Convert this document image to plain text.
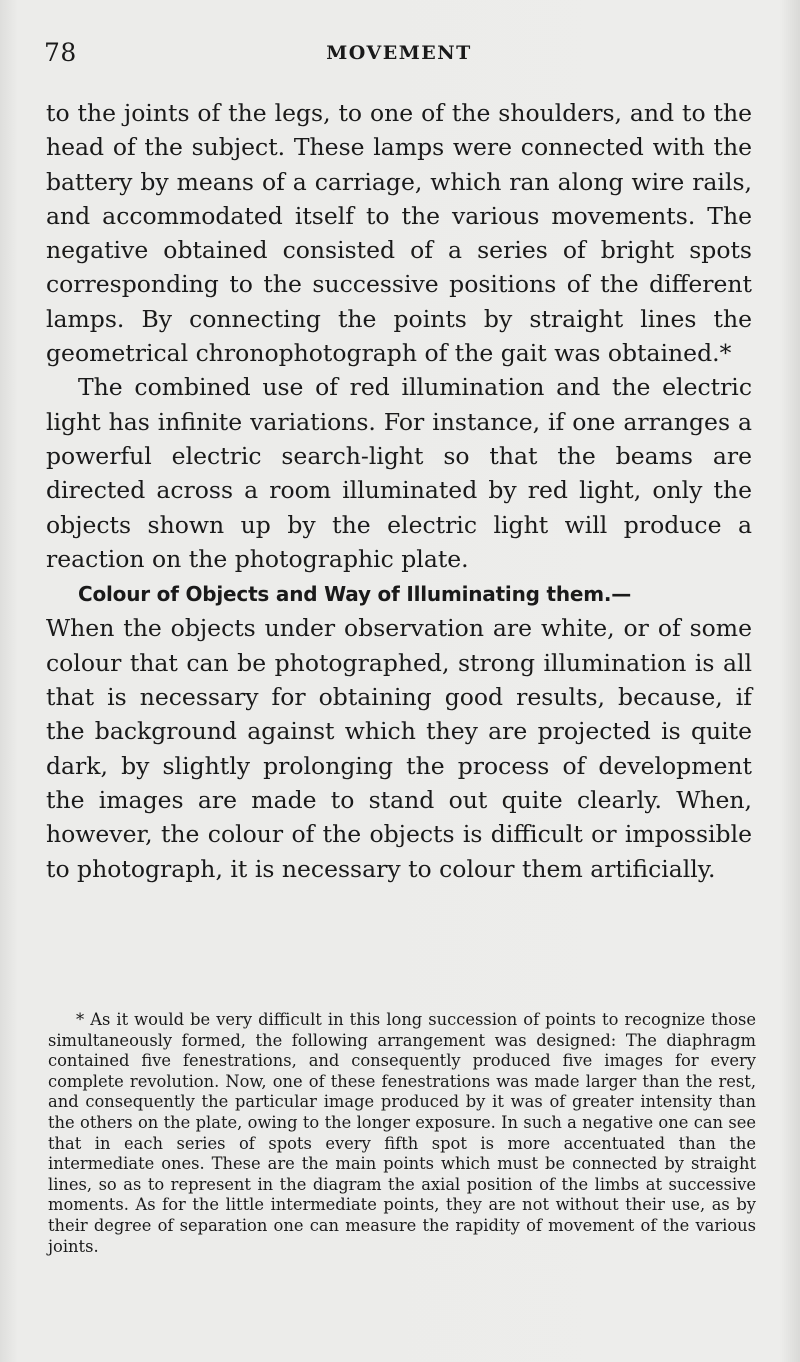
78	MOVEMENT

to the joints of the legs, to one of the shoulders, and to the head of the subject. These lamps were connected with the battery by means of a carriage, which ran along wire rails, and accommodated itself to the various movements. The negative obtained consisted of a series of bright spots corresponding to the successive positions of the different lamps. By connecting the points by straight lines the geometrical chronophotograph of the gait was obtained.*

The combined use of red illumination and the electric light has infinite variations. For instance, if one arranges a powerful electric search-light so that the beams are directed across a room illuminated by red light, only the objects shown up by the electric light will produce a reaction on the photographic plate.

Colour of Objects and Way of Illuminating them.—
When the objects under observation are white, or of some colour that can be photographed, strong illumination is all that is necessary for obtaining good results, because, if the background against which they are projected is quite dark, by slightly prolonging the process of development the images are made to stand out quite clearly. When, however, the colour of the objects is difficult or impossible to photograph, it is necessary to colour them artificially.

* As it would be very difficult in this long succession of points to recognize those simultaneously formed, the following arrangement was designed: The diaphragm contained five fenestrations, and consequently produced five images for every complete revolution. Now, one of these fenestrations was made larger than the rest, and consequently the particular image produced by it was of greater intensity than the others on the plate, owing to the longer exposure. In such a negative one can see that in each series of spots every fifth spot is more accentuated than the intermediate ones. These are the main points which must be connected by straight lines, so as to represent in the diagram the axial position of the limbs at successive moments. As for the little intermediate points, they are not without their use, as by their degree of separation one can measure the rapidity of movement of the various joints.
